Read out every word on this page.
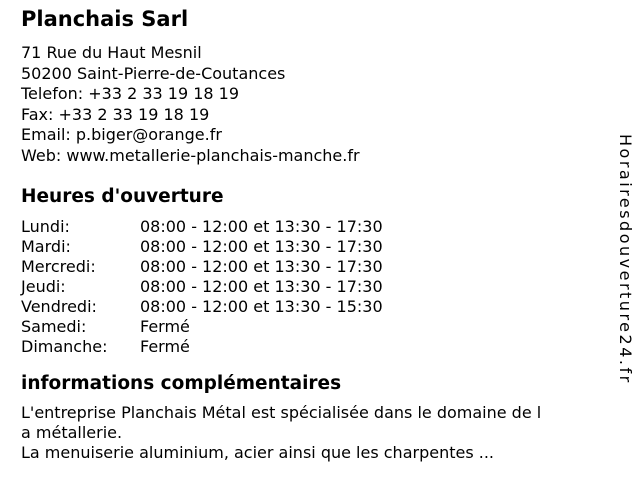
Planchais Sarl
71 Rue du Haut Mesnil
50200 Saint-Pierre-de-Coutances
Telefon: +33 2 33 19 18 19
Fax: +33 2 33 19 18 19
Email: p.biger@orange.fr
Web: www.metallerie-planchais-manche.fr
Heures d'ouverture
Lundi:	08:00 - 12:00 et 13:30 - 17:30
Mardi:	08:00 - 12:00 et 13:30 - 17:30
Mercredi:	08:00 - 12:00 et 13:30 - 17:30
Jeudi:	08:00 - 12:00 et 13:30 - 17:30
Vendredi:	08:00 - 12:00 et 13:30 - 15:30
Samedi:	Fermé
Dimanche:	Fermé
informations complémentaires
L'entreprise Planchais Métal est spécialisée dans le domaine de l
a métallerie.
La menuiserie aluminium, acier ainsi que les charpentes ...
Horairesdouverture24.fr
